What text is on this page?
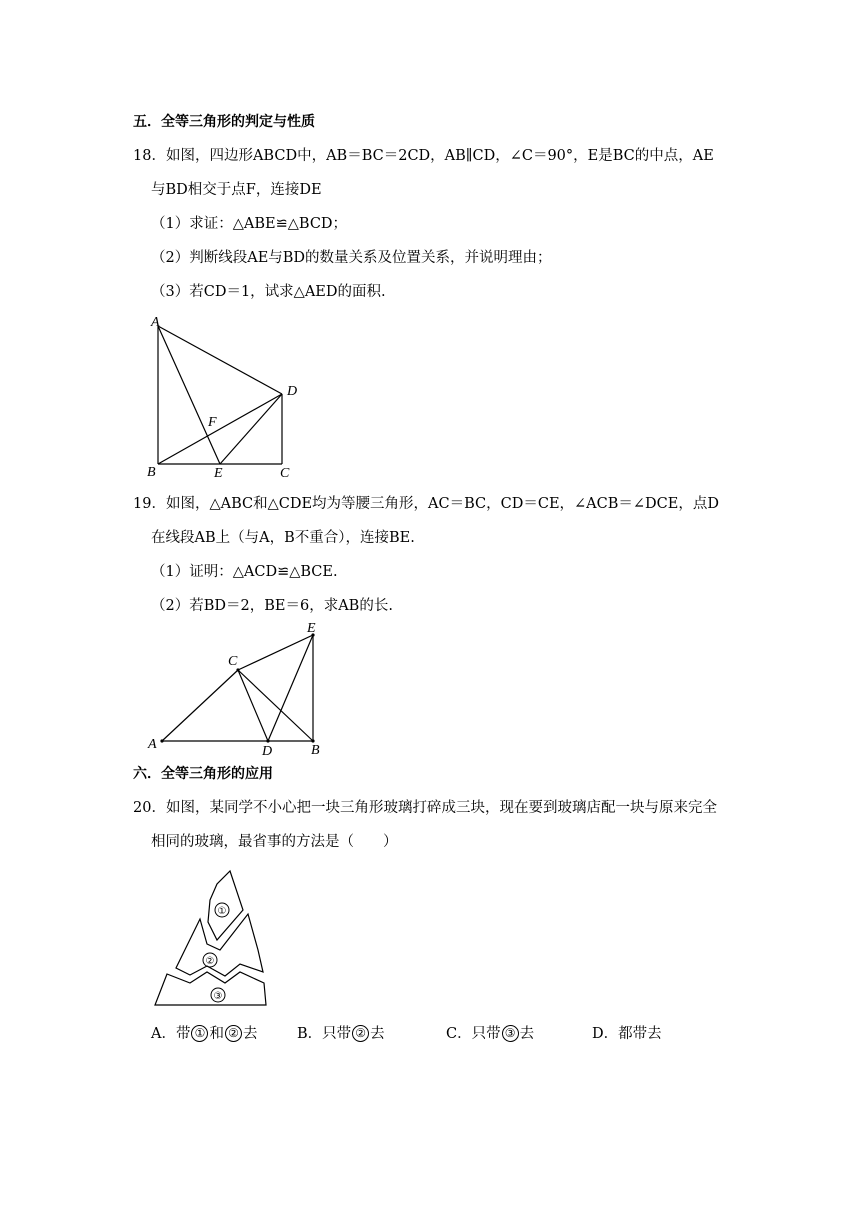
五．全等三角形的判定与性质
18．如图，四边形ABCD中，AB＝BC＝2CD，AB∥CD，∠C＝90°，E是BC的中点，AE
与BD相交于点F，连接DE
（1）求证：△ABE≌△BCD；
（2）判断线段AE与BD的数量关系及位置关系，并说明理由；
（3）若CD＝1，试求△AED的面积.
A
B	C
D
E
F
19．如图，△ABC和△CDE均为等腰三角形，AC＝BC，CD＝CE，∠ACB＝∠DCE，点D
在线段AB上（与A，B不重合），连接BE.
（1）证明：△ACD≌△BCE.
（2）若BD＝2，BE＝6，求AB的长.
A	B
C
D
E
六．全等三角形的应用
20．如图，某同学不小心把一块三角形玻璃打碎成三块，现在要到玻璃店配一块与原来完全
相同的玻璃，最省事的方法是（　　）
①
②
③
A．带 ① 和 ② 去	B．只带 ② 去	C．只带 ③ 去	D．都带去
